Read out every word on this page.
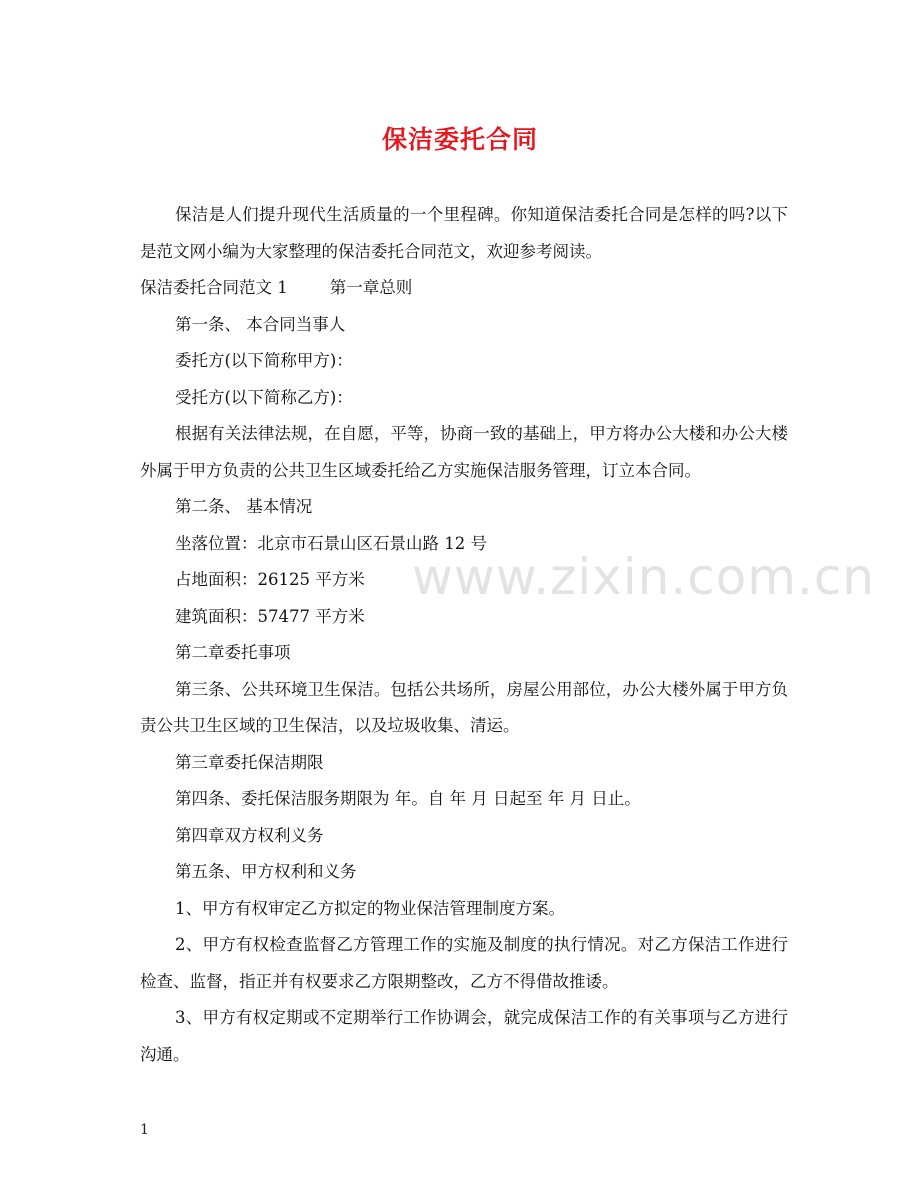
www.zixin.com.cn
保洁委托合同

保洁是人们提升现代生活质量的一个里程碑。你知道保洁委托合同是怎样的吗?以下是范文网小编为大家整理的保洁委托合同范文，欢迎参考阅读。

保洁委托合同范文 1	第一章总则

第一条、 本合同当事人

委托方(以下简称甲方)：

受托方(以下简称乙方)：

根据有关法律法规，在自愿，平等，协商一致的基础上，甲方将办公大楼和办公大楼外属于甲方负责的公共卫生区域委托给乙方实施保洁服务管理，订立本合同。

第二条、 基本情况

坐落位置：北京市石景山区石景山路 12 号

占地面积：26125 平方米

建筑面积：57477 平方米

第二章委托事项

第三条、公共环境卫生保洁。包括公共场所，房屋公用部位，办公大楼外属于甲方负责公共卫生区域的卫生保洁，以及垃圾收集、清运。

第三章委托保洁期限

第四条、委托保洁服务期限为 年。自 年 月 日起至 年 月 日止。

第四章双方权利义务

第五条、甲方权利和义务

1、甲方有权审定乙方拟定的物业保洁管理制度方案。

2、甲方有权检查监督乙方管理工作的实施及制度的执行情况。对乙方保洁工作进行检查、监督，指正并有权要求乙方限期整改，乙方不得借故推诿。

3、甲方有权定期或不定期举行工作协调会，就完成保洁工作的有关事项与乙方进行沟通。

1
